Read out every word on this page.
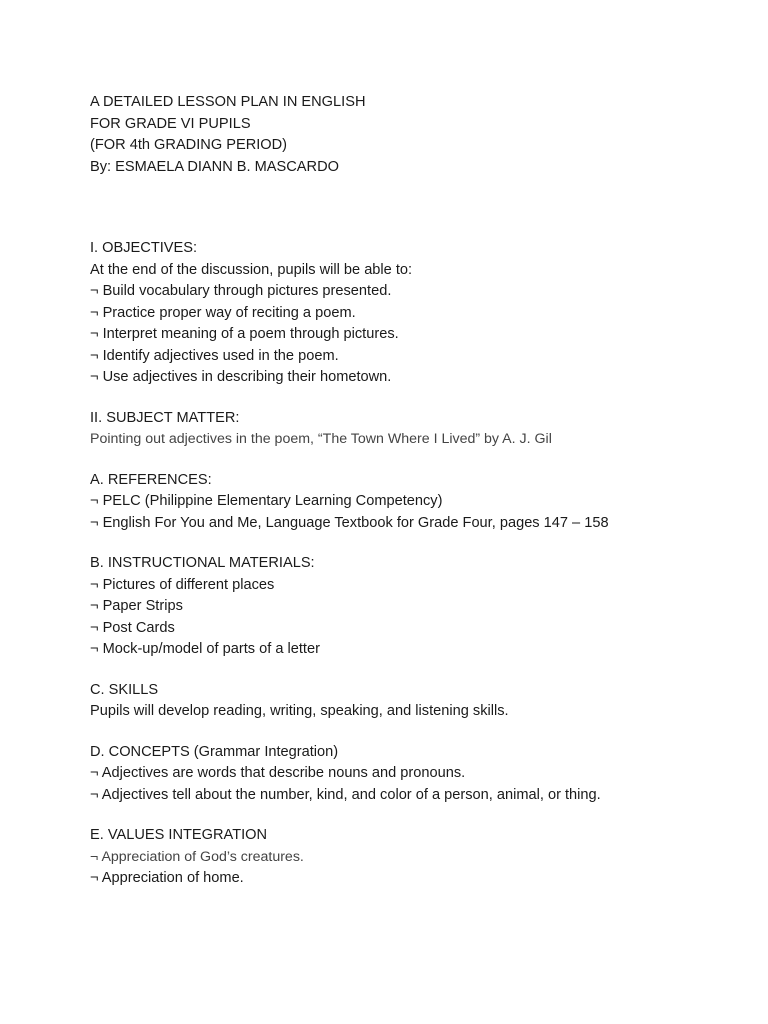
A DETAILED LESSON PLAN IN ENGLISH
FOR GRADE VI PUPILS
(FOR 4th GRADING PERIOD)
By: ESMAELA DIANN B. MASCARDO
I. OBJECTIVES:
At the end of the discussion, pupils will be able to:
¬ Build vocabulary through pictures presented.
¬ Practice proper way of reciting a poem.
¬ Interpret meaning of a poem through pictures.
¬ Identify adjectives used in the poem.
¬ Use adjectives in describing their hometown.
II. SUBJECT MATTER:
Pointing out adjectives in the poem, “The Town Where I Lived” by A. J. Gil
A. REFERENCES:
¬ PELC (Philippine Elementary Learning Competency)
¬ English For You and Me, Language Textbook for Grade Four, pages 147 – 158
B. INSTRUCTIONAL MATERIALS:
¬ Pictures of different places
¬ Paper Strips
¬ Post Cards
¬ Mock-up/model of parts of a letter
C. SKILLS
Pupils will develop reading, writing, speaking, and listening skills.
D. CONCEPTS (Grammar Integration)
¬ Adjectives are words that describe nouns and pronouns.
¬ Adjectives tell about the number, kind, and color of a person, animal, or thing.
E. VALUES INTEGRATION
¬ Appreciation of God’s creatures.
¬ Appreciation of home.
